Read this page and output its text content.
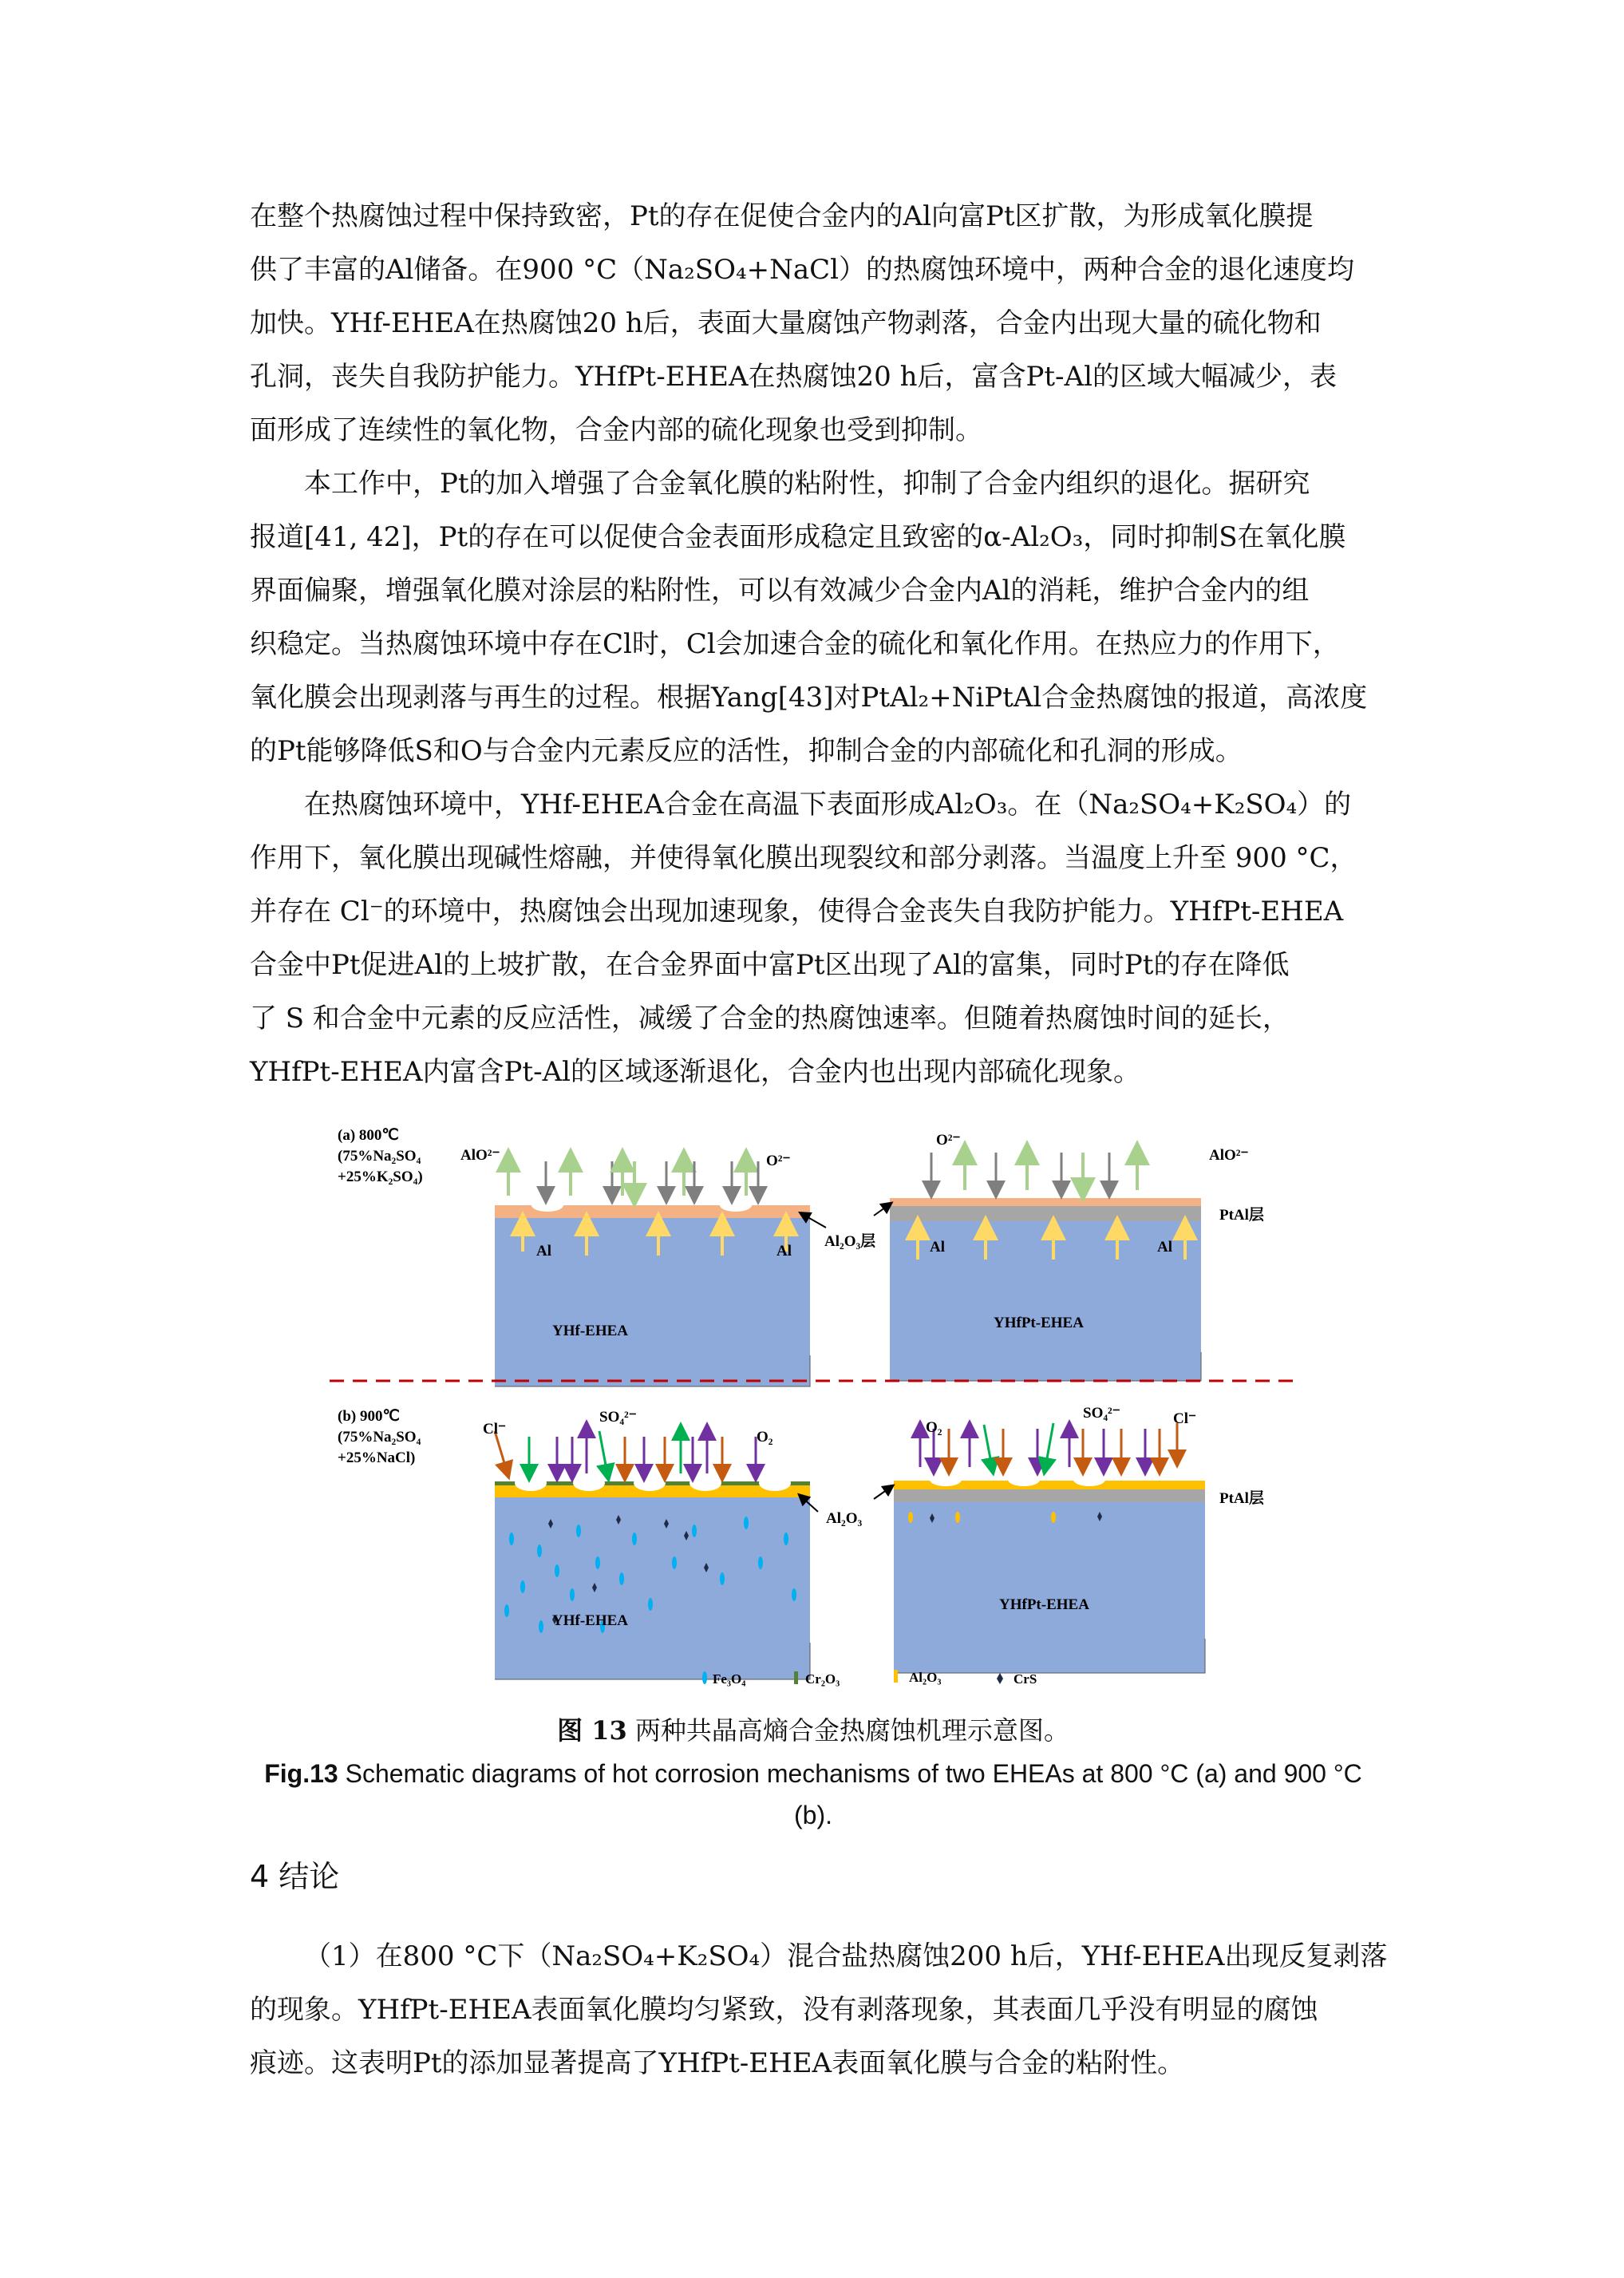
在整个热腐蚀过程中保持致密，Pt的存在促使合金内的Al向富Pt区扩散，为形成氧化膜提
供了丰富的Al储备。在900 °C（Na₂SO₄+NaCl）的热腐蚀环境中，两种合金的退化速度均
加快。YHf-EHEA在热腐蚀20 h后，表面大量腐蚀产物剥落，合金内出现大量的硫化物和
孔洞，丧失自我防护能力。YHfPt-EHEA在热腐蚀20 h后，富含Pt-Al的区域大幅减少，表
面形成了连续性的氧化物，合金内部的硫化现象也受到抑制。
本工作中，Pt的加入增强了合金氧化膜的粘附性，抑制了合金内组织的退化。据研究
报道[41, 42]，Pt的存在可以促使合金表面形成稳定且致密的α-Al₂O₃，同时抑制S在氧化膜
界面偏聚，增强氧化膜对涂层的粘附性，可以有效减少合金内Al的消耗，维护合金内的组
织稳定。当热腐蚀环境中存在Cl时，Cl会加速合金的硫化和氧化作用。在热应力的作用下，
氧化膜会出现剥落与再生的过程。根据Yang[43]对PtAl₂+NiPtAl合金热腐蚀的报道，高浓度
的Pt能够降低S和O与合金内元素反应的活性，抑制合金的内部硫化和孔洞的形成。
在热腐蚀环境中，YHf-EHEA合金在高温下表面形成Al₂O₃。在（Na₂SO₄+K₂SO₄）的
作用下，氧化膜出现碱性熔融，并使得氧化膜出现裂纹和部分剥落。当温度上升至 900 °C，
并存在 Cl⁻的环境中，热腐蚀会出现加速现象，使得合金丧失自我防护能力。YHfPt-EHEA
合金中Pt促进Al的上坡扩散，在合金界面中富Pt区出现了Al的富集，同时Pt的存在降低
了 S 和合金中元素的反应活性，减缓了合金的热腐蚀速率。但随着热腐蚀时间的延长，
YHfPt-EHEA内富含Pt-Al的区域逐渐退化，合金内也出现内部硫化现象。
(a) 800℃
(75%Na₂SO₄
+25%K₂SO₄)
AlO²⁻	O²⁻
Al	Al
Al₂O₃层
YHf-EHEA
O²⁻
AlO²⁻
PtAl层
Al	Al
YHfPt-EHEA
(b) 900℃
(75%Na₂SO₄
+25%NaCl)
Cl⁻
SO₄²⁻
O₂
Al₂O₃
YHf-EHEA
O₂
SO₄²⁻	Cl⁻
PtAl层
YHfPt-EHEA
Fe₃O₄	Cr₂O₃	Al₂O₃	CrS
图 13 两种共晶高熵合金热腐蚀机理示意图。
Fig.13 Schematic diagrams of hot corrosion mechanisms of two EHEAs at 800 °C (a) and 900 °C (b).
4 结论
（1）在800 °C下（Na₂SO₄+K₂SO₄）混合盐热腐蚀200 h后，YHf-EHEA出现反复剥落
的现象。YHfPt-EHEA表面氧化膜均匀紧致，没有剥落现象，其表面几乎没有明显的腐蚀
痕迹。这表明Pt的添加显著提高了YHfPt-EHEA表面氧化膜与合金的粘附性。
